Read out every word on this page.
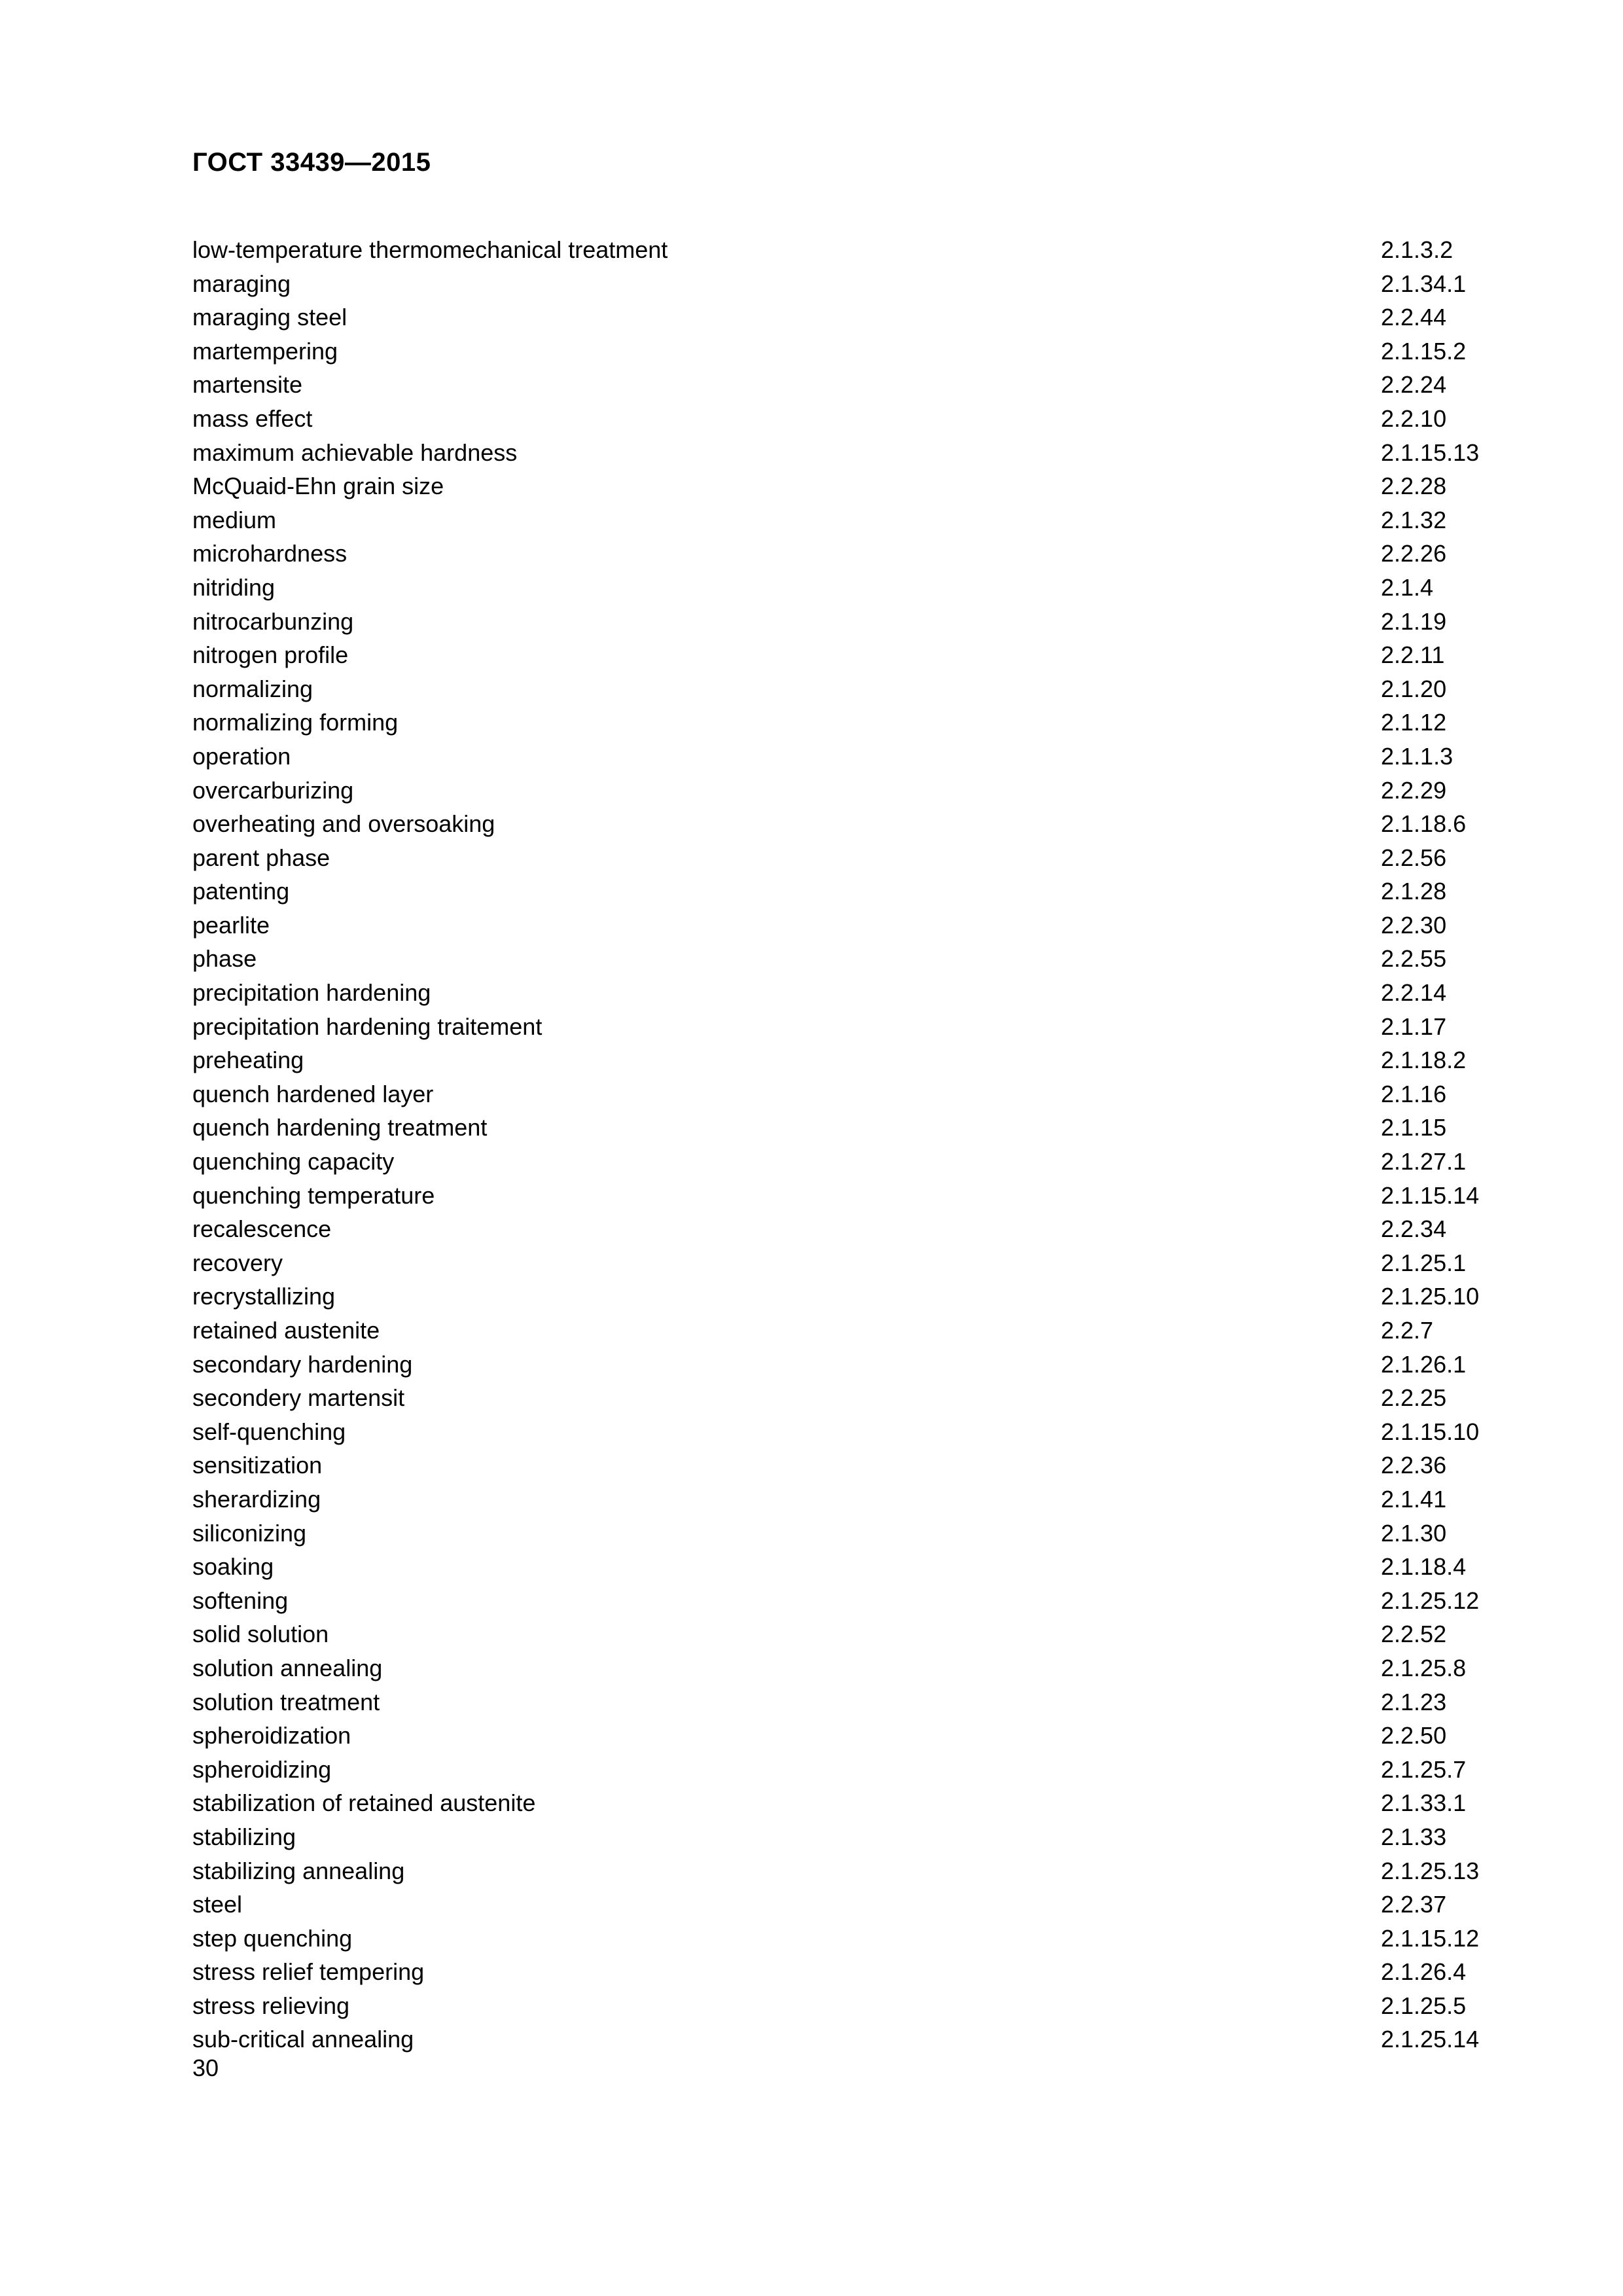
ГОСТ 33439—2015
low-temperature thermomechanical treatment	2.1.3.2
maraging	2.1.34.1
maraging steel	2.2.44
martempering	2.1.15.2
martensite	2.2.24
mass effect	2.2.10
maximum achievable hardness	2.1.15.13
McQuaid-Ehn grain size	2.2.28
medium	2.1.32
microhardness	2.2.26
nitriding	2.1.4
nitrocarbunzing	2.1.19
nitrogen profile	2.2.11
normalizing	2.1.20
normalizing forming	2.1.12
operation	2.1.1.3
overcarburizing	2.2.29
overheating and oversoaking	2.1.18.6
parent phase	2.2.56
patenting	2.1.28
pearlite	2.2.30
phase	2.2.55
precipitation hardening	2.2.14
precipitation hardening traitement	2.1.17
preheating	2.1.18.2
quench hardened layer	2.1.16
quench hardening treatment	2.1.15
quenching capacity	2.1.27.1
quenching temperature	2.1.15.14
recalescence	2.2.34
recovery	2.1.25.1
recrystallizing	2.1.25.10
retained austenite	2.2.7
secondary hardening	2.1.26.1
secondery martensit	2.2.25
self-quenching	2.1.15.10
sensitization	2.2.36
sherardizing	2.1.41
siliconizing	2.1.30
soaking	2.1.18.4
softening	2.1.25.12
solid solution	2.2.52
solution annealing	2.1.25.8
solution treatment	2.1.23
spheroidization	2.2.50
spheroidizing	2.1.25.7
stabilization of retained austenite	2.1.33.1
stabilizing	2.1.33
stabilizing annealing	2.1.25.13
steel	2.2.37
step quenching	2.1.15.12
stress relief tempering	2.1.26.4
stress relieving	2.1.25.5
sub-critical annealing	2.1.25.14
30
